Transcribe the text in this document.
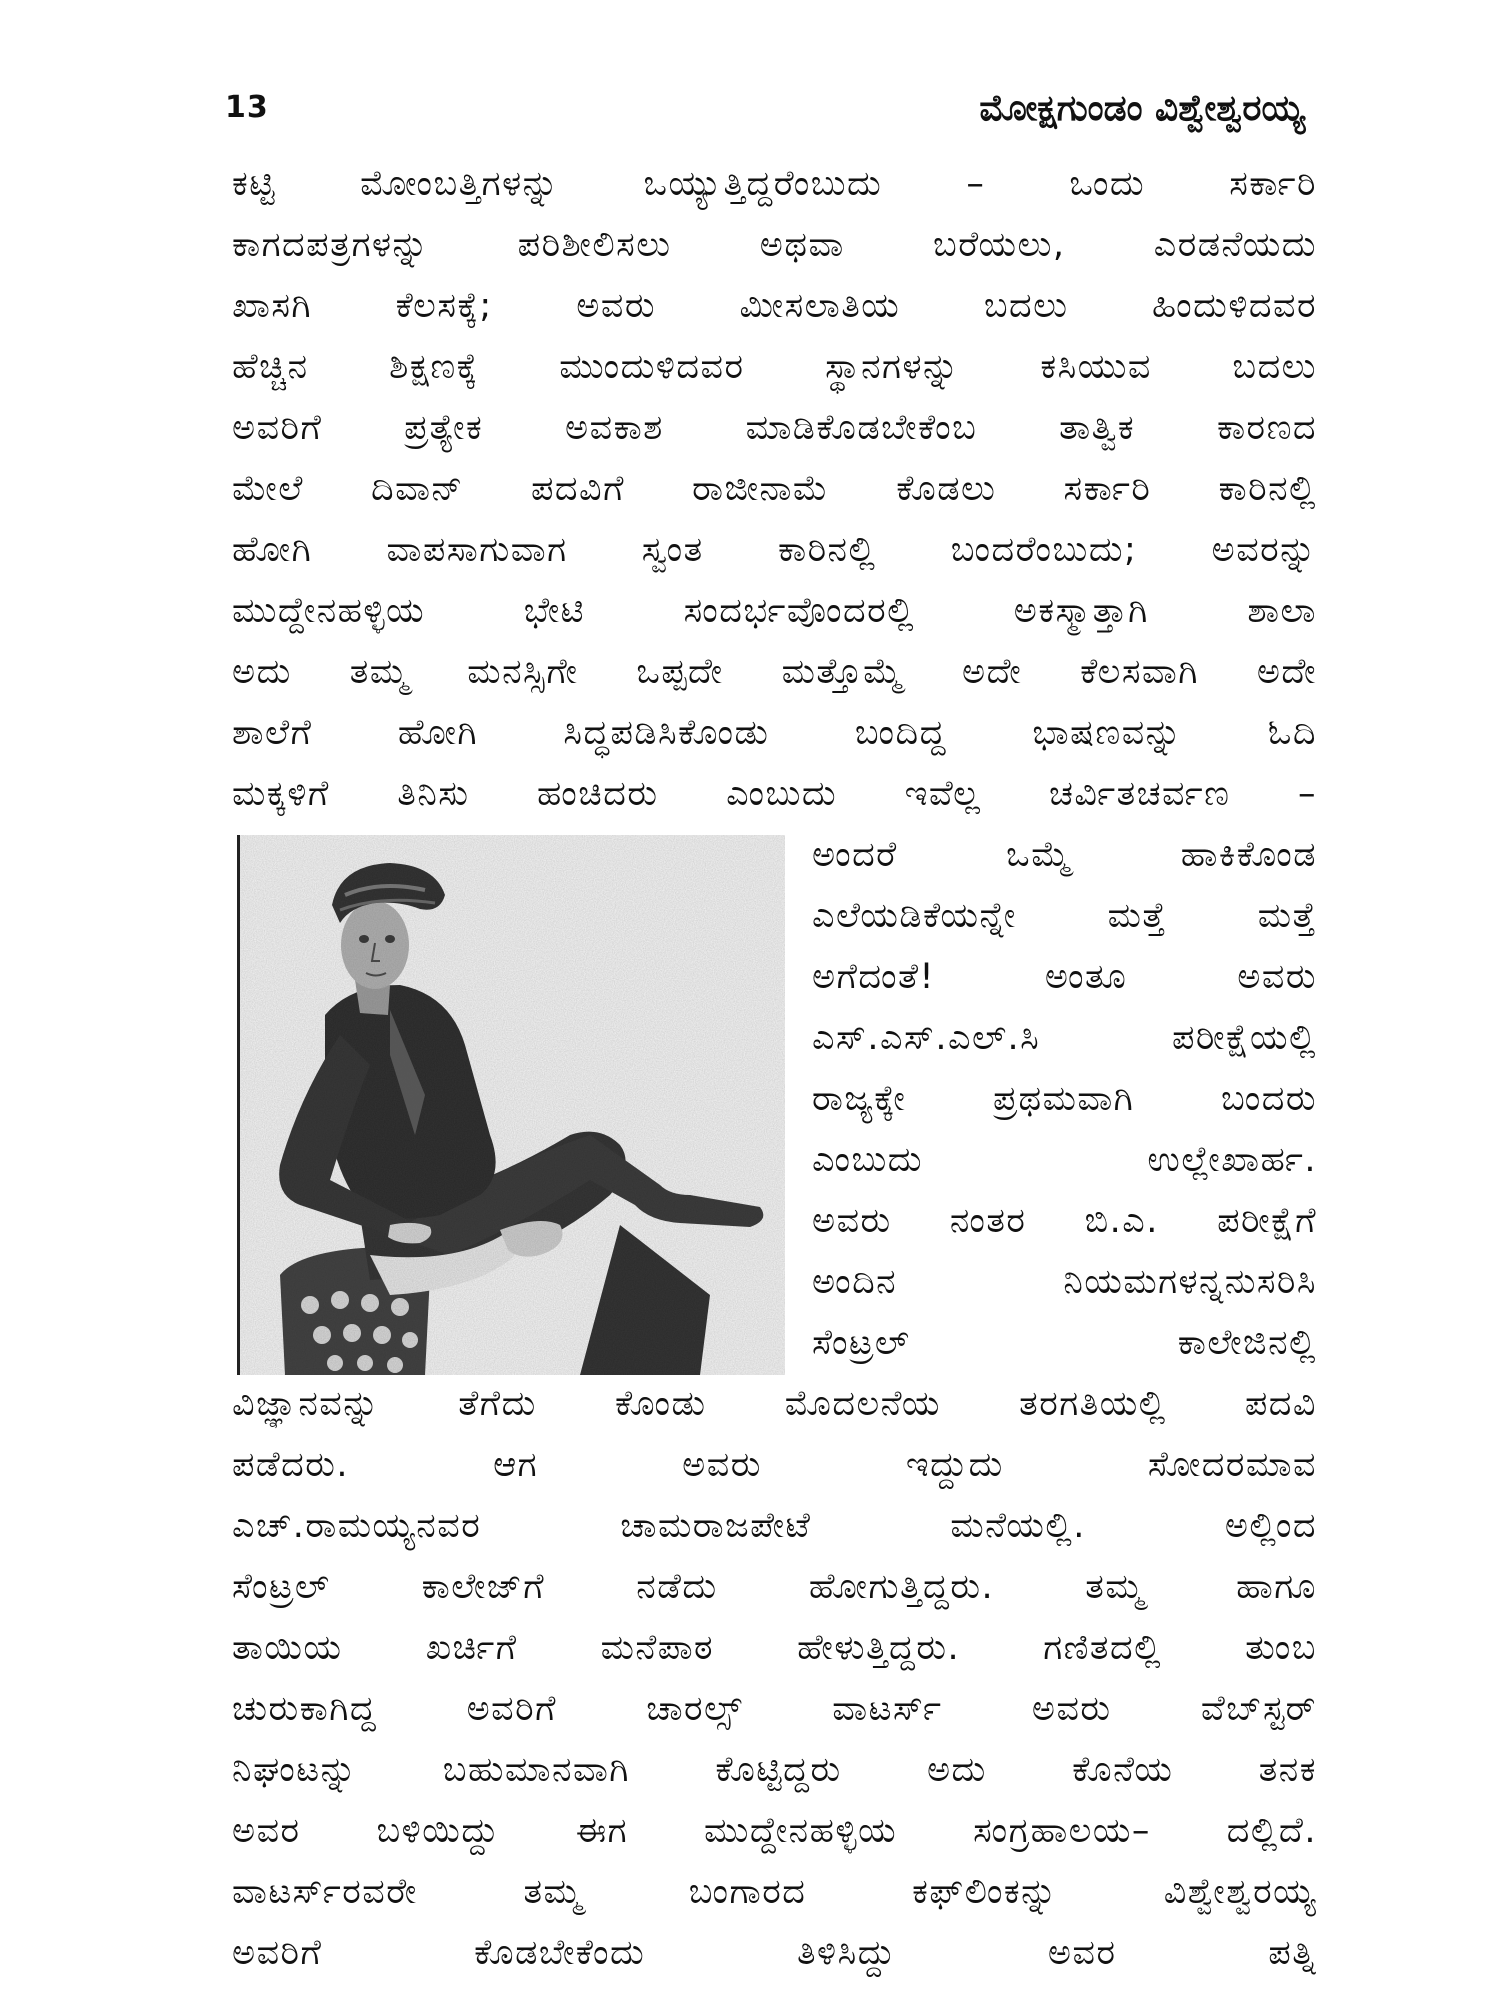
13	ಮೋಕ್ಷಗುಂಡಂ ವಿಶ್ವೇಶ್ವರಯ್ಯ
ಕಟ್ಟಿ ಮೋಂಬತ್ತಿಗಳನ್ನು ಒಯ್ಯುತ್ತಿದ್ದರೆಂಬುದು – ಒಂದು ಸರ್ಕಾರಿ
ಕಾಗದಪತ್ರಗಳನ್ನು ಪರಿಶೀಲಿಸಲು ಅಥವಾ ಬರೆಯಲು, ಎರಡನೆಯದು
ಖಾಸಗಿ ಕೆಲಸಕ್ಕೆ; ಅವರು ಮೀಸಲಾತಿಯ ಬದಲು ಹಿಂದುಳಿದವರ
ಹೆಚ್ಚಿನ ಶಿಕ್ಷಣಕ್ಕೆ ಮುಂದುಳಿದವರ ಸ್ಥಾನಗಳನ್ನು ಕಸಿಯುವ ಬದಲು
ಅವರಿಗೆ ಪ್ರತ್ಯೇಕ ಅವಕಾಶ ಮಾಡಿಕೊಡಬೇಕೆಂಬ ತಾತ್ವಿಕ ಕಾರಣದ
ಮೇಲೆ ದಿವಾನ್ ಪದವಿಗೆ ರಾಜೀನಾಮೆ ಕೊಡಲು ಸರ್ಕಾರಿ ಕಾರಿನಲ್ಲಿ
ಹೋಗಿ ವಾಪಸಾಗುವಾಗ ಸ್ವಂತ ಕಾರಿನಲ್ಲಿ ಬಂದರೆಂಬುದು; ಅವರನ್ನು
ಮುದ್ದೇನಹಳ್ಳಿಯ ಭೇಟಿ ಸಂದರ್ಭವೊಂದರಲ್ಲಿ ಅಕಸ್ಮಾತ್ತಾಗಿ ಶಾಲಾ
ಅದು ತಮ್ಮ ಮನಸ್ಸಿಗೇ ಒಪ್ಪದೇ ಮತ್ತೊಮ್ಮೆ ಅದೇ ಕೆಲಸವಾಗಿ ಅದೇ
ಶಾಲೆಗೆ ಹೋಗಿ ಸಿದ್ಧಪಡಿಸಿಕೊಂಡು ಬಂದಿದ್ದ ಭಾಷಣವನ್ನು ಓದಿ
ಮಕ್ಕಳಿಗೆ ತಿನಿಸು ಹಂಚಿದರು ಎಂಬುದು ಇವೆಲ್ಲ ಚರ್ವಿತಚರ್ವಣ –
ಅಂದರೆ ಒಮ್ಮೆ ಹಾಕಿಕೊಂಡ
ಎಲೆಯಡಿಕೆಯನ್ನೇ ಮತ್ತೆ ಮತ್ತೆ
ಅಗೆದಂತೆ! ಅಂತೂ ಅವರು
ಎಸ್.ಎಸ್.ಎಲ್.ಸಿ ಪರೀಕ್ಷೆಯಲ್ಲಿ
ರಾಜ್ಯಕ್ಕೇ ಪ್ರಥಮವಾಗಿ ಬಂದರು
ಎಂಬುದು ಉಲ್ಲೇಖಾರ್ಹ.
ಅವರು ನಂತರ ಬಿ.ಎ. ಪರೀಕ್ಷೆಗೆ
ಅಂದಿನ ನಿಯಮಗಳನ್ನನುಸರಿಸಿ
ಸೆಂಟ್ರಲ್ ಕಾಲೇಜಿನಲ್ಲಿ
ವಿಜ್ಞಾನವನ್ನು ತೆಗೆದು ಕೊಂಡು ಮೊದಲನೆಯ ತರಗತಿಯಲ್ಲಿ ಪದವಿ
ಪಡೆದರು. ಆಗ ಅವರು ಇದ್ದುದು ಸೋದರಮಾವ
ಎಚ್.ರಾಮಯ್ಯನವರ ಚಾಮರಾಜಪೇಟೆ ಮನೆಯಲ್ಲಿ. ಅಲ್ಲಿಂದ
ಸೆಂಟ್ರಲ್ ಕಾಲೇಜ್‌ಗೆ ನಡೆದು ಹೋಗುತ್ತಿದ್ದರು. ತಮ್ಮ ಹಾಗೂ
ತಾಯಿಯ ಖರ್ಚಿಗೆ ಮನೆಪಾಠ ಹೇಳುತ್ತಿದ್ದರು. ಗಣಿತದಲ್ಲಿ ತುಂಬ
ಚುರುಕಾಗಿದ್ದ ಅವರಿಗೆ ಚಾರಲ್ಸ್ ವಾಟರ್ಸ್ ಅವರು ವೆಬ್‌ಸ್ಟರ್
ನಿಘಂಟನ್ನು ಬಹುಮಾನವಾಗಿ ಕೊಟ್ಟಿದ್ದರು ಅದು ಕೊನೆಯ ತನಕ
ಅವರ ಬಳಿಯಿದ್ದು ಈಗ ಮುದ್ದೇನಹಳ್ಳಿಯ ಸಂಗ್ರಹಾಲಯ– ದಲ್ಲಿದೆ.
ವಾಟರ್ಸ್‌ರವರೇ ತಮ್ಮ ಬಂಗಾರದ ಕಫ್‌ಲಿಂಕನ್ನು ವಿಶ್ವೇಶ್ವರಯ್ಯ
ಅವರಿಗೆ ಕೊಡಬೇಕೆಂದು ತಿಳಿಸಿದ್ದು ಅವರ ಪತ್ನಿ
